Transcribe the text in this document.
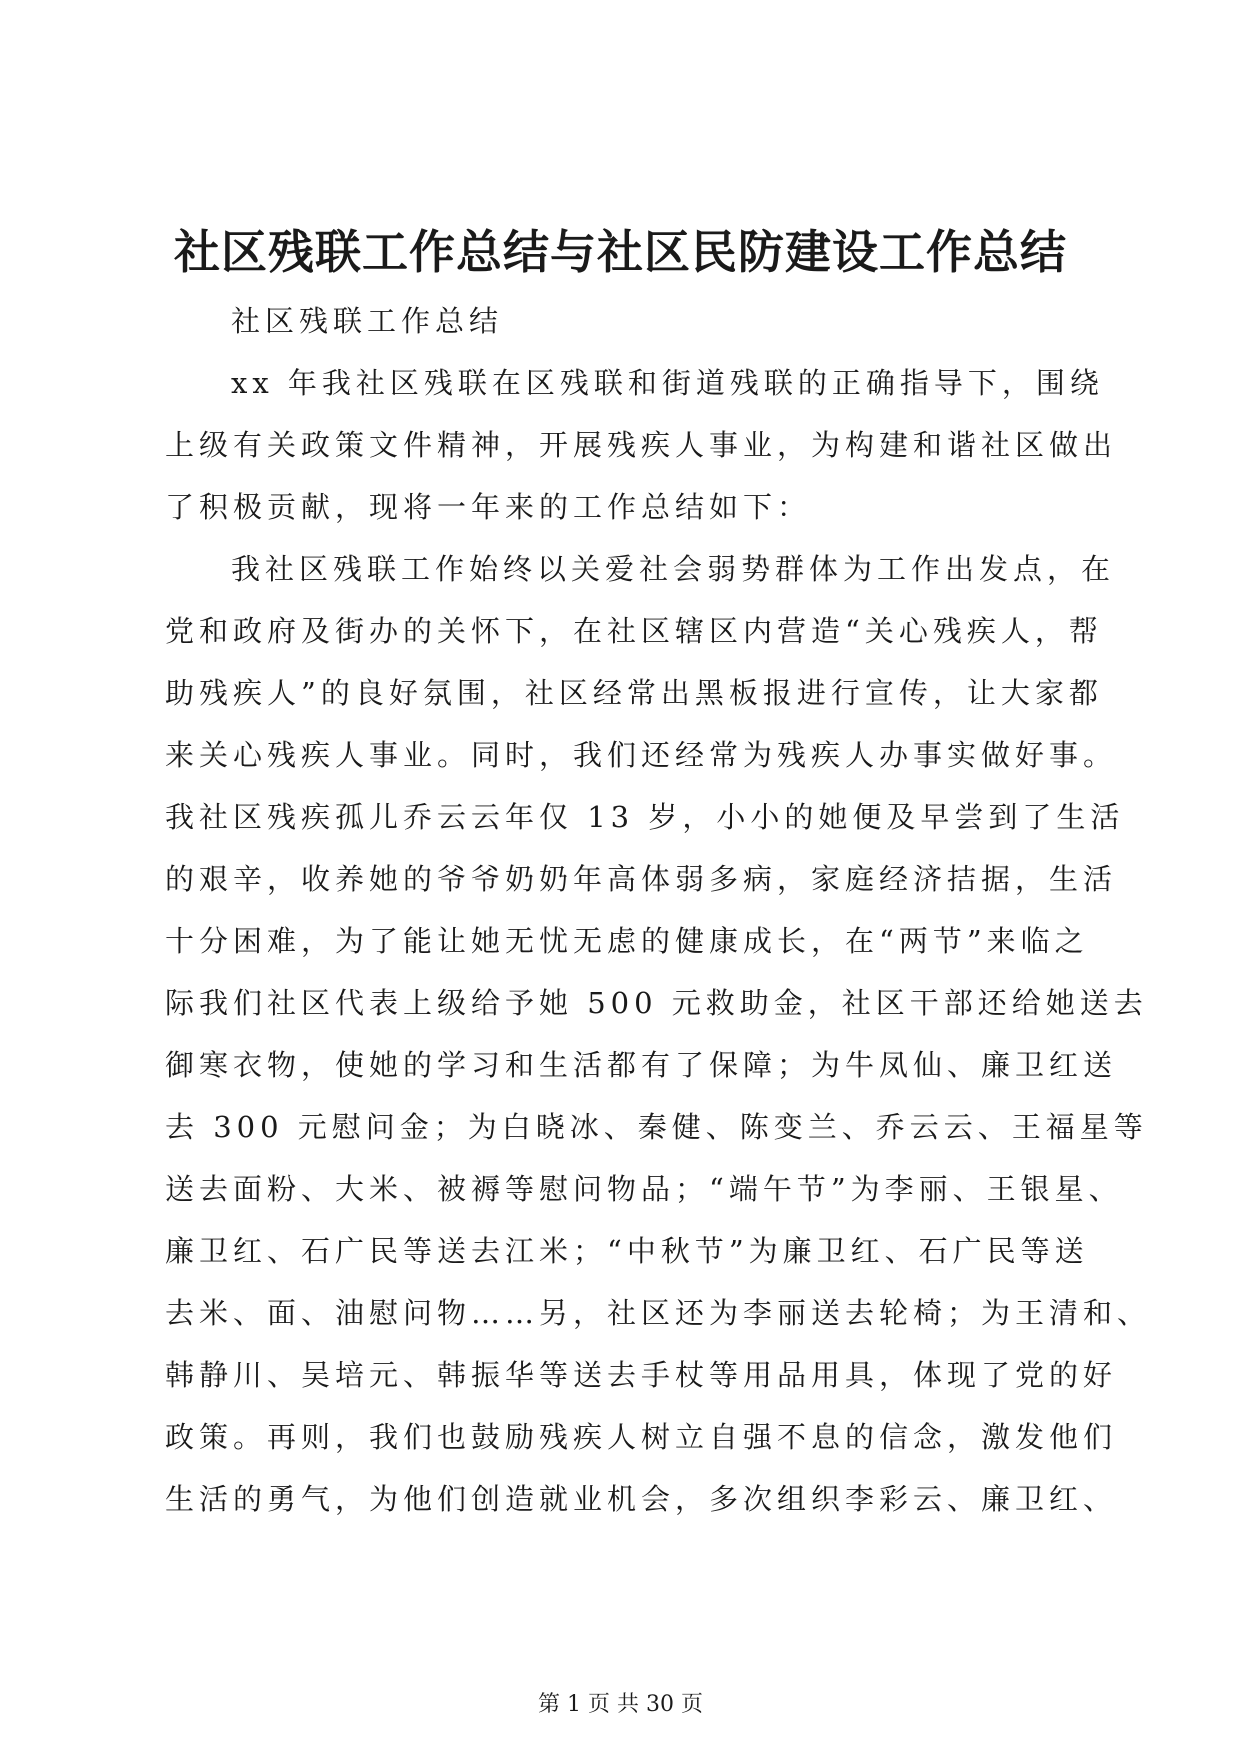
社区残联工作总结与社区民防建设工作总结
社区残联工作总结
xx 年我社区残联在区残联和街道残联的正确指导下，围绕
上级有关政策文件精神，开展残疾人事业，为构建和谐社区做出
了积极贡献，现将一年来的工作总结如下：
我社区残联工作始终以关爱社会弱势群体为工作出发点，在
党和政府及街办的关怀下，在社区辖区内营造“关心残疾人，帮
助残疾人”的良好氛围，社区经常出黑板报进行宣传，让大家都
来关心残疾人事业。同时，我们还经常为残疾人办事实做好事。
我社区残疾孤儿乔云云年仅 13 岁，小小的她便及早尝到了生活
的艰辛，收养她的爷爷奶奶年高体弱多病，家庭经济拮据，生活
十分困难，为了能让她无忧无虑的健康成长，在“两节”来临之
际我们社区代表上级给予她 500 元救助金，社区干部还给她送去
御寒衣物，使她的学习和生活都有了保障；为牛凤仙、廉卫红送
去 300 元慰问金；为白晓冰、秦健、陈变兰、乔云云、王福星等
送去面粉、大米、被褥等慰问物品；“端午节”为李丽、王银星、
廉卫红、石广民等送去江米；“中秋节”为廉卫红、石广民等送
去米、面、油慰问物……另，社区还为李丽送去轮椅；为王清和、
韩静川、吴培元、韩振华等送去手杖等用品用具，体现了党的好
政策。再则，我们也鼓励残疾人树立自强不息的信念，激发他们
生活的勇气，为他们创造就业机会，多次组织李彩云、廉卫红、
第 1 页 共 30 页
